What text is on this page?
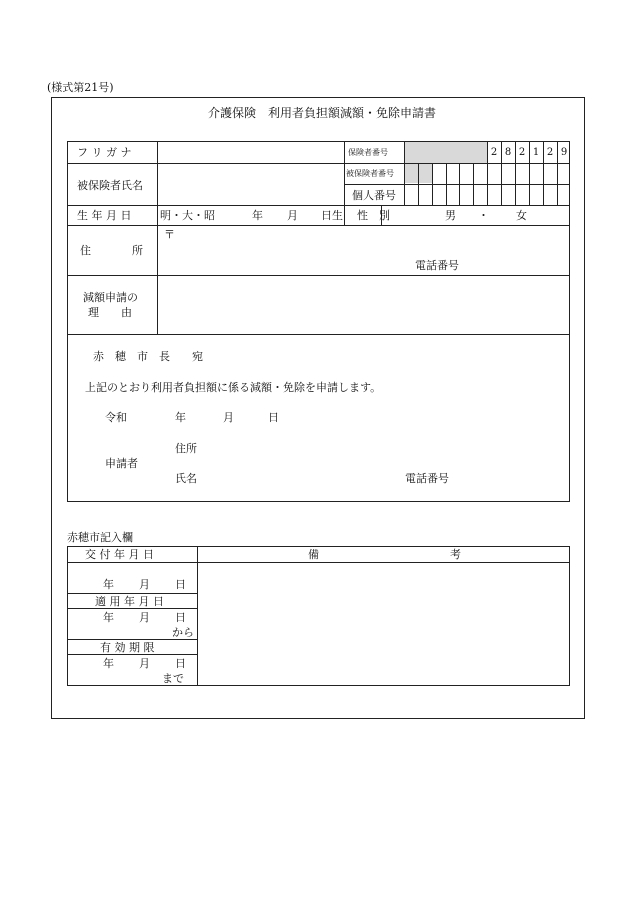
(様式第21号)
介護保険　利用者負担額減額・免除申請書
フ リ ガ ナ
被保険者氏名
保険者番号	2 8 2 1 2 9
被保険者番号
個人番号
生 年 月 日	明・大・昭	年 月 日生 性　別	男 ・ 女
住	所
〒
電話番号
減額申請の
理　　由
赤　穂　市　長　　宛
上記のとおり利用者負担額に係る減額・免除を申請します。
令和	年	月	日
申請者
住所
氏名	電話番号
赤穂市記入欄
交 付 年 月 日	備	考
年 月 日
適 用 年 月 日
年 月 日
から
有 効 期 限
年 月 日
まで
